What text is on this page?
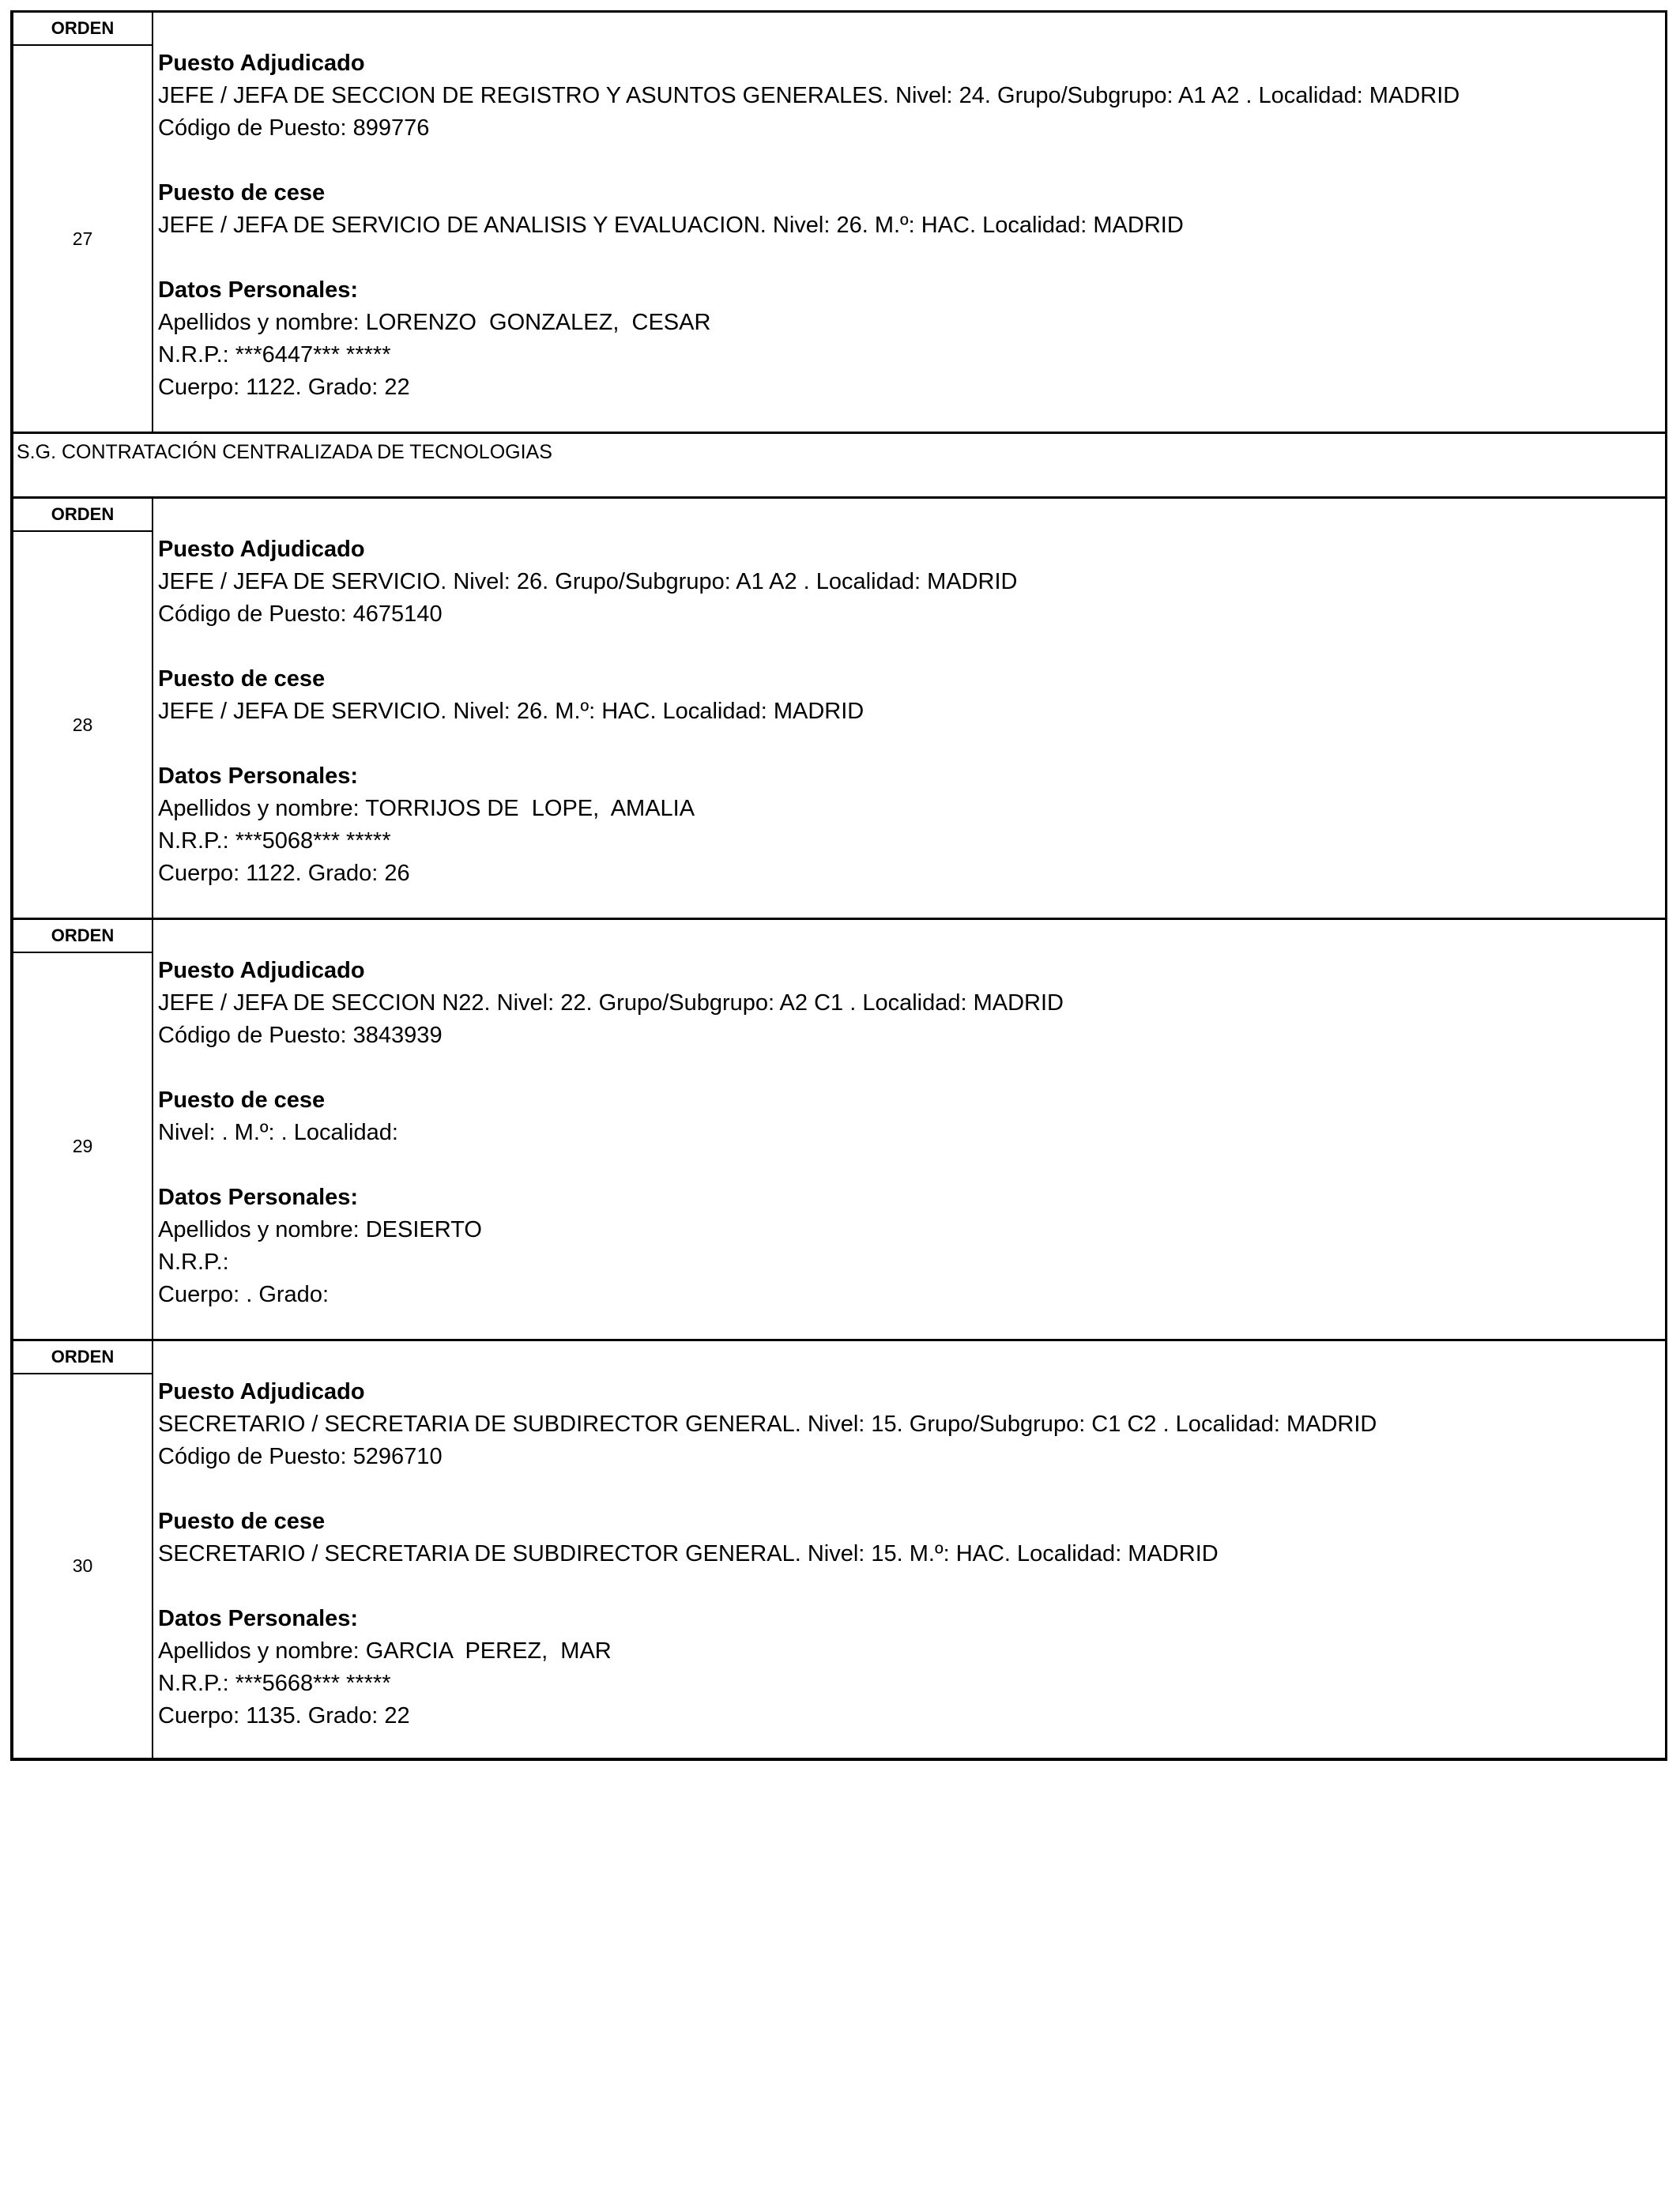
ORDEN
27
Puesto Adjudicado
JEFE / JEFA DE SECCION DE REGISTRO Y ASUNTOS GENERALES. Nivel: 24. Grupo/Subgrupo: A1 A2 . Localidad: MADRID
Código de Puesto: 899776
Puesto de cese
JEFE / JEFA DE SERVICIO DE ANALISIS Y EVALUACION. Nivel: 26. M.º: HAC. Localidad: MADRID
Datos Personales:
Apellidos y nombre: LORENZO  GONZALEZ,  CESAR
N.R.P.: ***6447*** *****
Cuerpo: 1122. Grado: 22
S.G. CONTRATACIÓN CENTRALIZADA DE TECNOLOGIAS
ORDEN
28
Puesto Adjudicado
JEFE / JEFA DE SERVICIO. Nivel: 26. Grupo/Subgrupo: A1 A2 . Localidad: MADRID
Código de Puesto: 4675140
Puesto de cese
JEFE / JEFA DE SERVICIO. Nivel: 26. M.º: HAC. Localidad: MADRID
Datos Personales:
Apellidos y nombre: TORRIJOS DE  LOPE,  AMALIA
N.R.P.: ***5068*** *****
Cuerpo: 1122. Grado: 26
ORDEN
29
Puesto Adjudicado
JEFE / JEFA DE SECCION N22. Nivel: 22. Grupo/Subgrupo: A2 C1 . Localidad: MADRID
Código de Puesto: 3843939
Puesto de cese
Nivel: . M.º: . Localidad:
Datos Personales:
Apellidos y nombre: DESIERTO
N.R.P.:
Cuerpo: . Grado:
ORDEN
30
Puesto Adjudicado
SECRETARIO / SECRETARIA DE SUBDIRECTOR GENERAL. Nivel: 15. Grupo/Subgrupo: C1 C2 . Localidad: MADRID
Código de Puesto: 5296710
Puesto de cese
SECRETARIO / SECRETARIA DE SUBDIRECTOR GENERAL. Nivel: 15. M.º: HAC. Localidad: MADRID
Datos Personales:
Apellidos y nombre: GARCIA  PEREZ,  MAR
N.R.P.: ***5668*** *****
Cuerpo: 1135. Grado: 22
